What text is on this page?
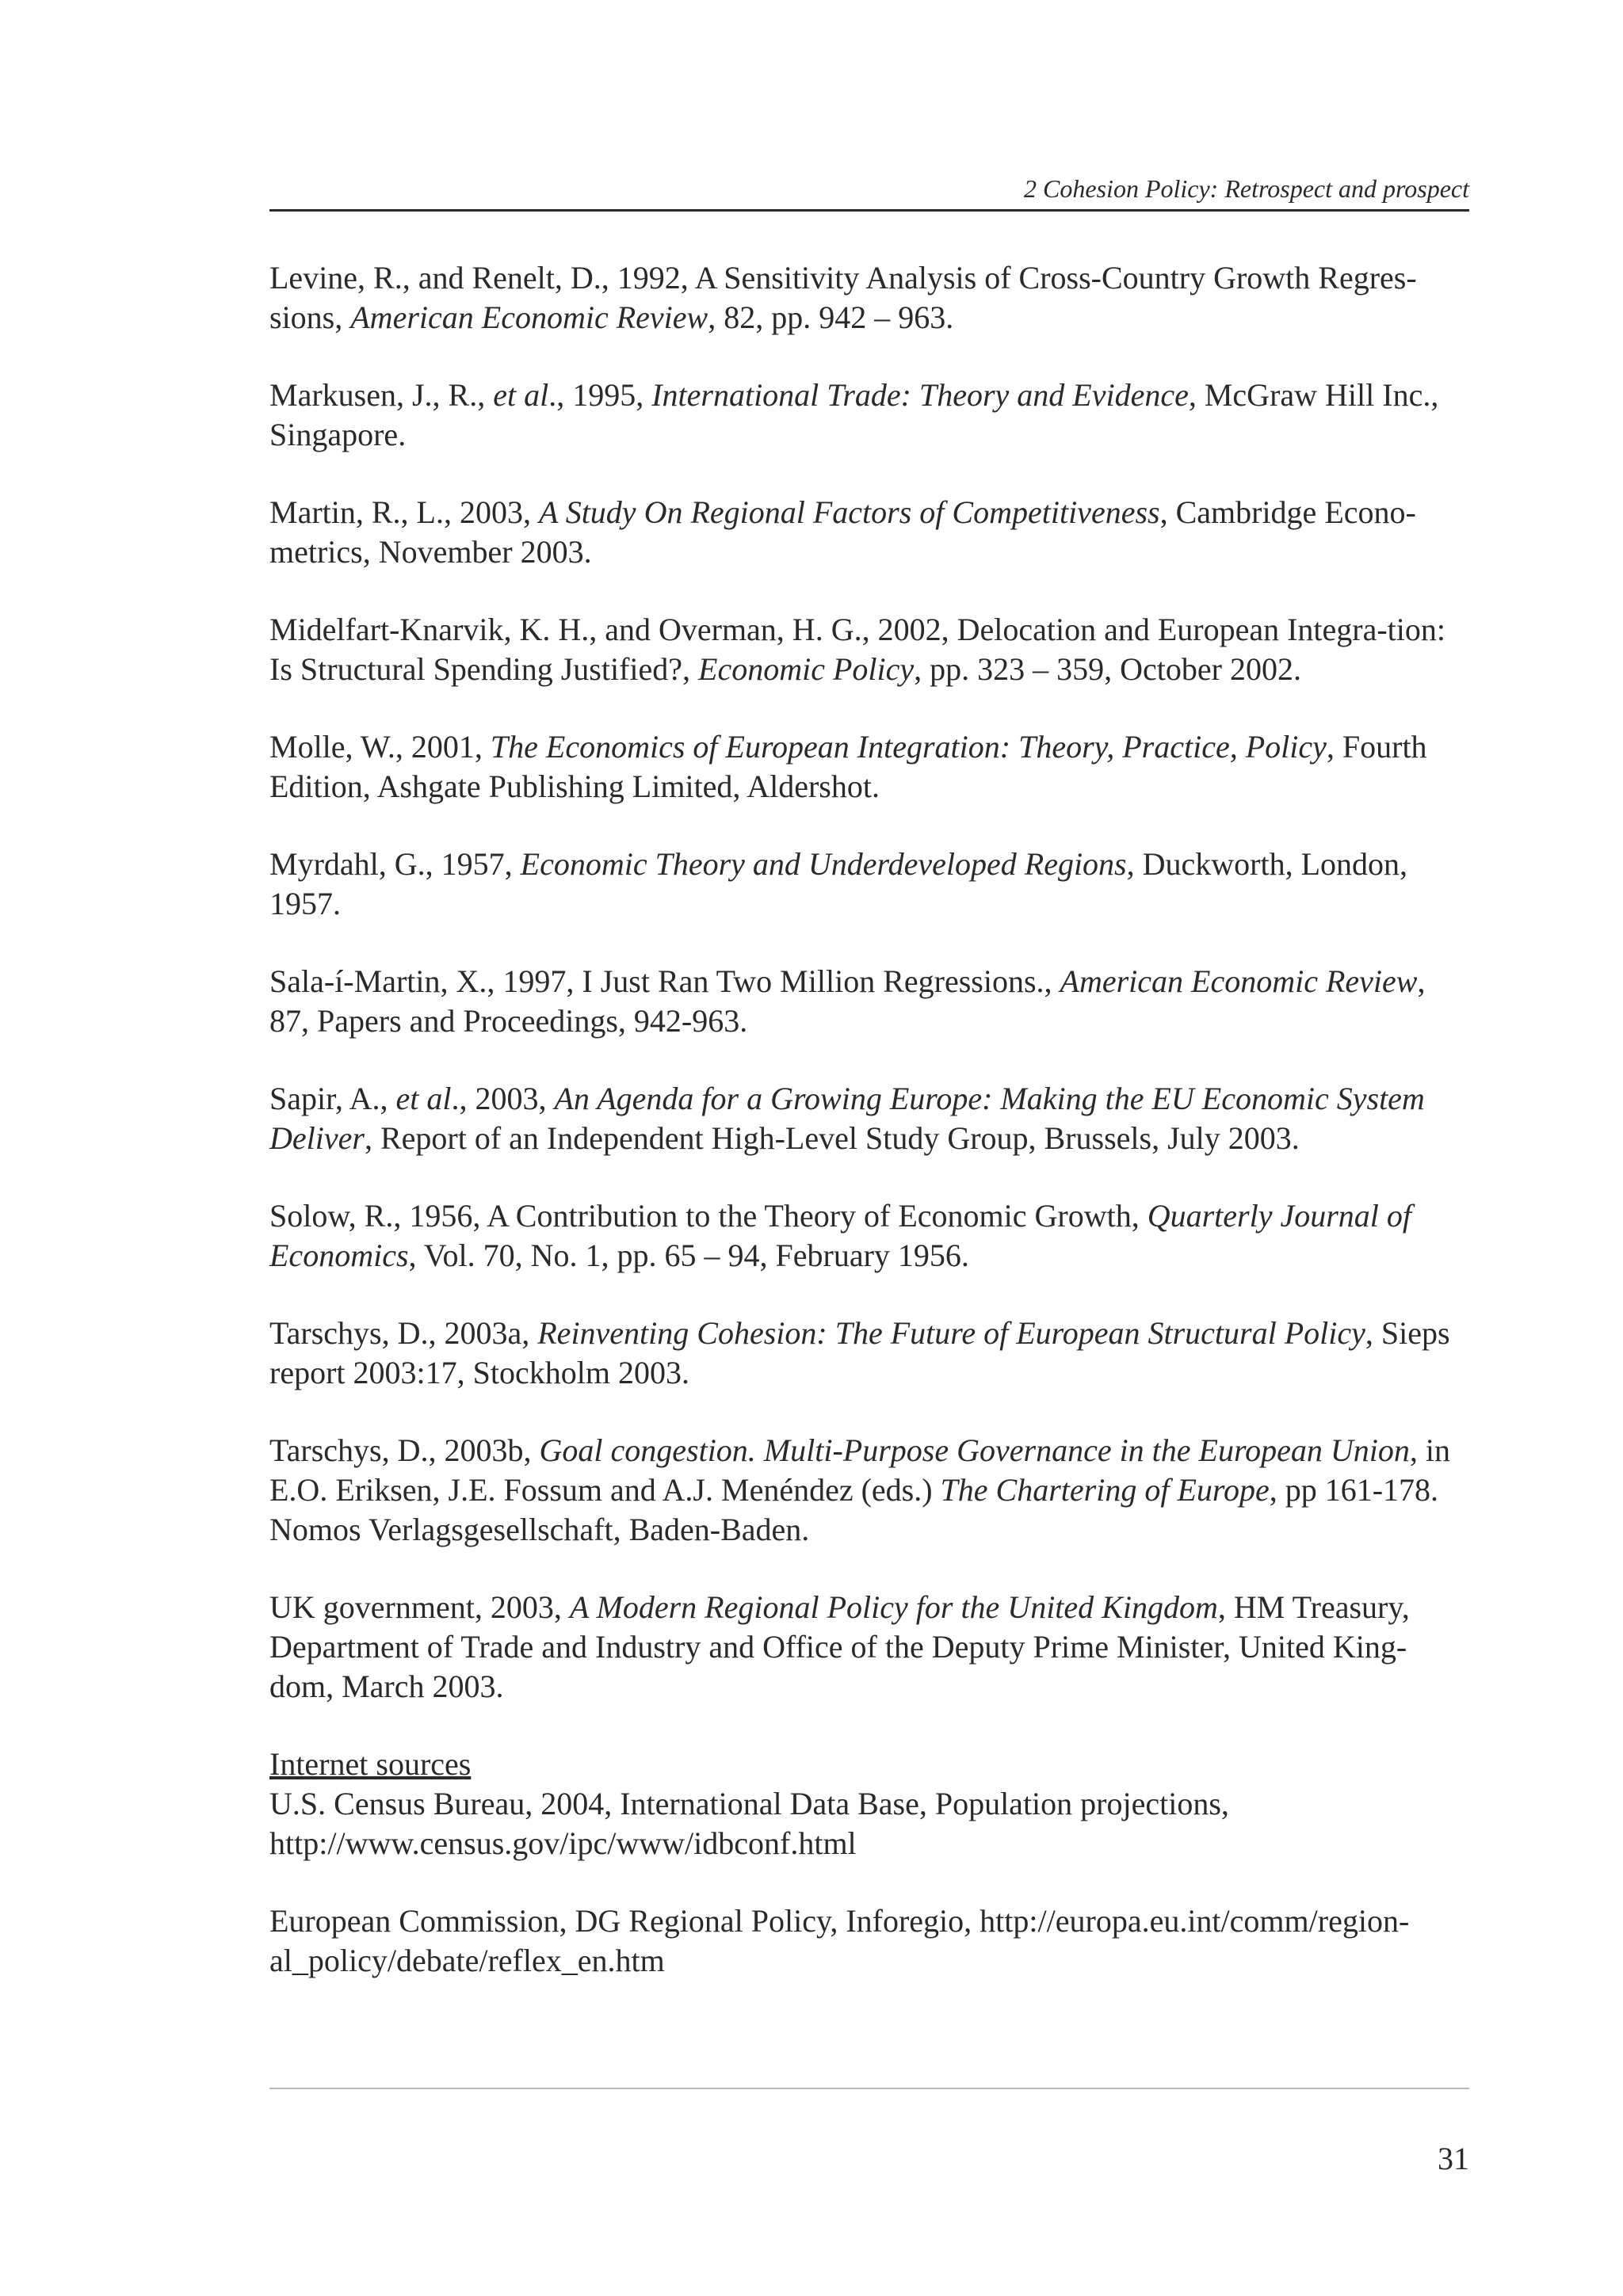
2 Cohesion Policy: Retrospect and prospect

Levine, R., and Renelt, D., 1992, A Sensitivity Analysis of Cross-Country Growth Regres-sions, American Economic Review, 82, pp. 942 – 963.

Markusen, J., R., et al., 1995, International Trade: Theory and Evidence, McGraw Hill Inc., Singapore.

Martin, R., L., 2003, A Study On Regional Factors of Competitiveness, Cambridge Econo-metrics, November 2003.

Midelfart-Knarvik, K. H., and Overman, H. G., 2002, Delocation and European Integra-tion: Is Structural Spending Justified?, Economic Policy, pp. 323 – 359, October 2002.

Molle, W., 2001, The Economics of European Integration: Theory, Practice, Policy, Fourth Edition, Ashgate Publishing Limited, Aldershot.

Myrdahl, G., 1957, Economic Theory and Underdeveloped Regions, Duckworth, London, 1957.

Sala-í-Martin, X., 1997, I Just Ran Two Million Regressions., American Economic Review, 87, Papers and Proceedings, 942-963.

Sapir, A., et al., 2003, An Agenda for a Growing Europe: Making the EU Economic System Deliver, Report of an Independent High-Level Study Group, Brussels, July 2003.

Solow, R., 1956, A Contribution to the Theory of Economic Growth, Quarterly Journal of Economics, Vol. 70, No. 1, pp. 65 – 94, February 1956.

Tarschys, D., 2003a, Reinventing Cohesion: The Future of European Structural Policy, Sieps report 2003:17, Stockholm 2003.

Tarschys, D., 2003b, Goal congestion. Multi-Purpose Governance in the European Union, in E.O. Eriksen, J.E. Fossum and A.J. Menéndez (eds.) The Chartering of Europe, pp 161-178. Nomos Verlagsgesellschaft, Baden-Baden.

UK government, 2003, A Modern Regional Policy for the United Kingdom, HM Treasury, Department of Trade and Industry and Office of the Deputy Prime Minister, United King-dom, March 2003.

Internet sources
U.S. Census Bureau, 2004, International Data Base, Population projections, http://www.census.gov/ipc/www/idbconf.html

European Commission, DG Regional Policy, Inforegio, http://europa.eu.int/comm/region-al_policy/debate/reflex_en.htm

31
